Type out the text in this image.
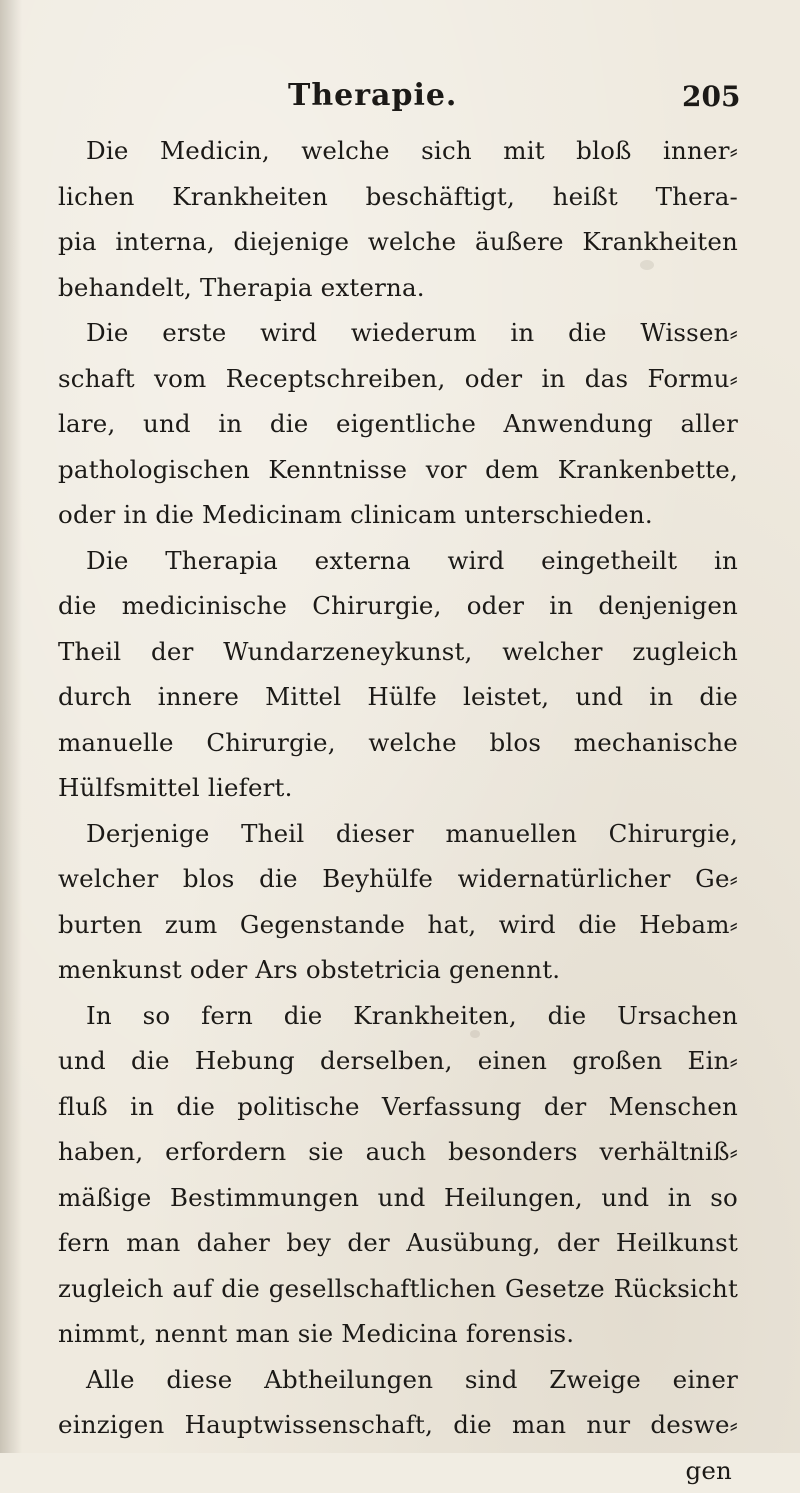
Therapie.	205
Die Medicin, welche sich mit bloß inner⸗
lichen Krankheiten beschäftigt, heißt Thera-
pia interna, diejenige welche äußere Krankheiten
behandelt, Therapia externa.
Die erste wird wiederum in die Wissen⸗
schaft vom Receptschreiben, oder in das Formu⸗
lare, und in die eigentliche Anwendung aller
pathologischen Kenntnisse vor dem Krankenbette,
oder in die Medicinam clinicam unterschieden.
Die Therapia externa wird eingetheilt in
die medicinische Chirurgie, oder in denjenigen
Theil der Wundarzeneykunst, welcher zugleich
durch innere Mittel Hülfe leistet, und in die
manuelle Chirurgie, welche blos mechanische
Hülfsmittel liefert.
Derjenige Theil dieser manuellen Chirurgie,
welcher blos die Beyhülfe widernatürlicher Ge⸗
burten zum Gegenstande hat, wird die Hebam⸗
menkunst oder Ars obstetricia genennt.
In so fern die Krankheiten, die Ursachen
und die Hebung derselben, einen großen Ein⸗
fluß in die politische Verfassung der Menschen
haben, erfordern sie auch besonders verhältniß⸗
mäßige Bestimmungen und Heilungen, und in so
fern man daher bey der Ausübung, der Heilkunst
zugleich auf die gesellschaftlichen Gesetze Rücksicht
nimmt, nennt man sie Medicina forensis.
Alle diese Abtheilungen sind Zweige einer
einzigen Hauptwissenschaft, die man nur deswe⸗
gen
